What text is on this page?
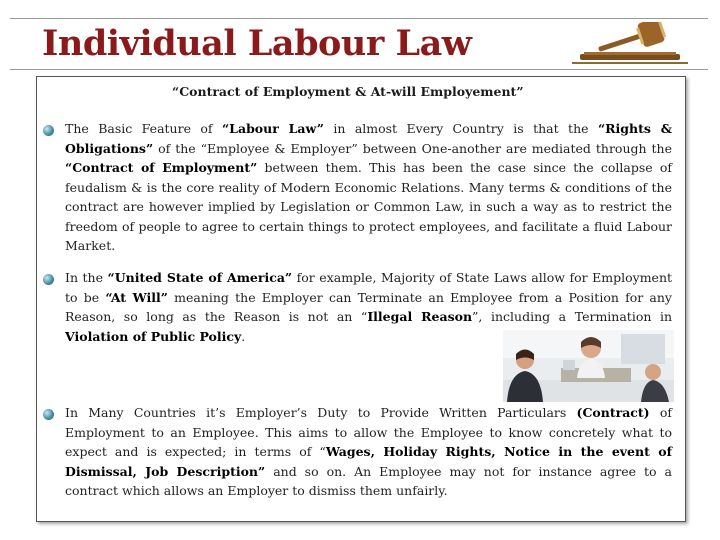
Individual Labour Law

“Contract of Employment & At-will Employement”

The Basic Feature of “Labour Law” in almost Every Country is that the “Rights & Obligations” of the “Employee & Employer” between One-another are mediated through the “Contract of Employment” between them. This has been the case since the collapse of feudalism & is the core reality of Modern Economic Relations. Many terms & conditions of the contract are however implied by Legislation or Common Law, in such a way as to restrict the freedom of people to agree to certain things to protect employees, and facilitate a fluid Labour Market.

In the “United State of America” for example, Majority of State Laws allow for Employment to be “At Will” meaning the Employer can Terminate an Employee from a Position for any Reason, so long as the Reason is not an “Illegal Reason”, including a Termination in Violation of Public Policy.

In Many Countries it’s Employer’s Duty to Provide Written Particulars (Contract) of Employment to an Employee. This aims to allow the Employee to know concretely what to expect and is expected; in terms of “Wages, Holiday Rights, Notice in the event of Dismissal, Job Description” and so on. An Employee may not for instance agree to a contract which allows an Employer to dismiss them unfairly.
